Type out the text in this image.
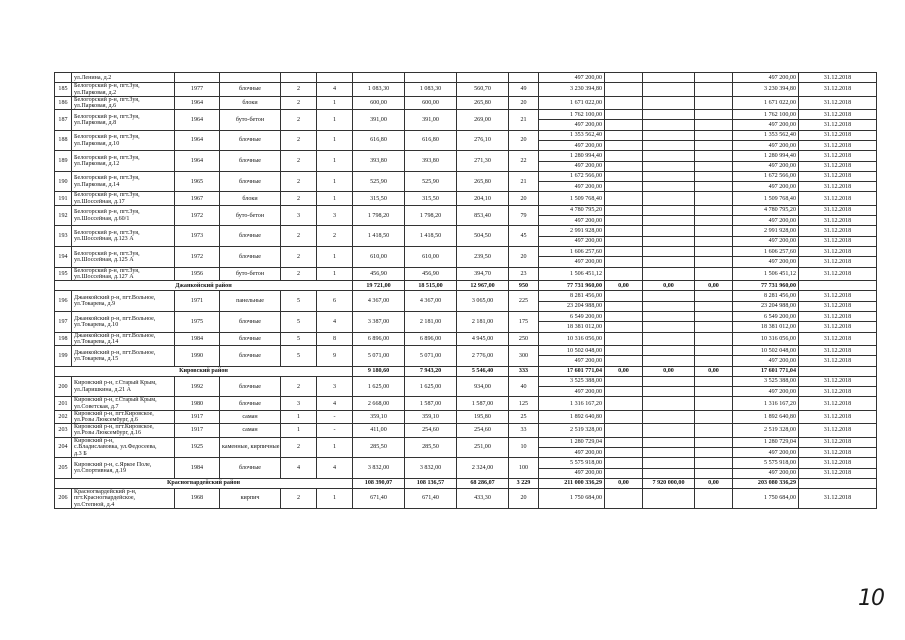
	ул.Ленина, д.2									497 200,00				497 200,00	31.12.2018
185	Белогорский р-н, пгт.Зуя,
ул.Парковая, д.2	1977	блочные	2	4	1 083,30	1 083,30	560,70	49	3 230 394,80				3 230 394,80	31.12.2018
186	Белогорский р-н, пгт.Зуя,
ул.Парковая, д.6	1964	блоки	2	1	600,00	600,00	265,80	20	1 671 022,00				1 671 022,00	31.12.2018
187	Белогорский р-н, пгт.Зуя,
ул.Парковая, д.8	1964	буто-бетон	2	1	391,00	391,00	269,00	21	1 762 100,00				1 762 100,00	31.12.2018
										497 200,00				497 200,00	31.12.2018
188	Белогорский р-н, пгт.Зуя,
ул.Парковая, д.10	1964	блочные	2	1	616,80	616,80	276,10	20	1 353 562,40				1 353 562,40	31.12.2018
										497 200,00				497 200,00	31.12.2018
189	Белогорский р-н, пгт.Зуя,
ул.Парковая, д.12	1964	блочные	2	1	393,80	393,80	271,30	22	1 280 994,40				1 280 994,40	31.12.2018
										497 200,00				497 200,00	31.12.2018
190	Белогорский р-н, пгт.Зуя,
ул.Парковая, д.14	1965	блочные	2	1	525,90	525,90	265,80	21	1 672 566,00				1 672 566,00	31.12.2018
										497 200,00				497 200,00	31.12.2018
191	Белогорский р-н, пгт.Зуя,
ул.Шоссейная, д.17	1967	блоки	2	1	315,50	315,50	204,10	20	1 509 768,40				1 509 768,40	31.12.2018
192	Белогорский р-н, пгт.Зуя,
ул.Шоссейная, д.60/1	1972	буто-бетон	3	3	1 798,20	1 798,20	853,40	79	4 780 795,20				4 780 795,20	31.12.2018
										497 200,00				497 200,00	31.12.2018
193	Белогорский р-н, пгт.Зуя,
ул.Шоссейная, д.123 А	1973	блочные	2	2	1 418,50	1 418,50	504,50	45	2 991 928,00				2 991 928,00	31.12.2018
										497 200,00				497 200,00	31.12.2018
194	Белогорский р-н, пгт.Зуя,
ул.Шоссейная, д.125 А	1972	блочные	2	1	610,00	610,00	239,50	20	1 606 257,60				1 606 257,60	31.12.2018
										497 200,00				497 200,00	31.12.2018
195	Белогорский р-н, пгт.Зуя,
ул.Шоссейная, д.127 А	1956	буто-бетон	2	1	456,90	456,90	394,70	23	1 506 451,12				1 506 451,12	31.12.2018
Джанкойский район						19 721,00	18 515,00	12 967,00	950	77 731 960,00	0,00	0,00	0,00	77 731 960,00	
196	Джанкойский р-н, пгт.Вольное,
ул.Токарева, д.9	1971	панельные	5	6	4 367,00	4 367,00	3 065,00	225	8 281 456,00				8 281 456,00	31.12.2018
										23 204 988,00				23 204 988,00	31.12.2018
197	Джанкойский р-н, пгт.Вольное,
ул.Токарева, д.10	1975	блочные	5	4	3 387,00	2 181,00	2 181,00	175	6 549 200,00				6 549 200,00	31.12.2018
										18 381 012,00				18 381 012,00	31.12.2018
198	Джанкойский р-н, пгт.Вольное,
ул.Токарева, д.14	1984	блочные	5	8	6 896,00	6 896,00	4 945,00	250	10 316 056,00				10 316 056,00	31.12.2018
199	Джанкойский р-н, пгт.Вольное,
ул.Токарева, д.15	1990	блочные	5	9	5 071,00	5 071,00	2 776,00	300	10 502 048,00				10 502 048,00	31.12.2018
										497 200,00				497 200,00	31.12.2018
Кировский район						9 180,60	7 943,20	5 546,40	333	17 601 771,04	0,00	0,00	0,00	17 601 771,04	
200	Кировский р-н, г.Старый Крым,
ул.Ларишкина, д.21 А	1992	блочные	2	3	1 625,00	1 625,00	934,00	40	3 525 388,00				3 525 388,00	31.12.2018
										497 200,00				497 200,00	31.12.2018
201	Кировский р-н, г.Старый Крым,
ул.Советская, д.7	1980	блочные	3	4	2 668,00	1 587,00	1 587,00	125	1 316 167,20				1 316 167,20	31.12.2018
202	Кировский р-н, пгт.Кировское,
ул.Розы Люксембург, д.6	1917	саман	1	-	359,10	359,10	195,80	25	1 892 640,80				1 892 640,80	31.12.2018
203	Кировский р-н, пгт.Кировское,
ул.Розы Люксембург, д.16	1917	саман	1	-	411,00	254,60	254,60	33	2 519 328,00				2 519 328,00	31.12.2018
204	Кировский р-н,
с.Владиславовка, ул.Федосеева,
д.3 Б	1925	каменные, кирпичные	2	1	285,50	285,50	251,00	10	1 280 729,04				1 280 729,04	31.12.2018
										497 200,00				497 200,00	31.12.2018
205	Кировский р-н, с.Яркое Поле,
ул.Спортивная, д.19	1984	блочные	4	4	3 832,00	3 832,00	2 324,00	100	5 575 918,00				5 575 918,00	31.12.2018
										497 200,00				497 200,00	31.12.2018
Красногвардейский район						108 390,07	108 136,57	68 286,07	3 229	211 000 336,29	0,00	7 920 000,00	0,00	203 080 336,29	
206	Красногвардейский р-н,
пгт.Красногвардейское,
ул.Степной, д.4	1968	кирпич	2	1	671,40	671,40	433,30	20	1 750 684,00				1 750 684,00	31.12.2018
10
